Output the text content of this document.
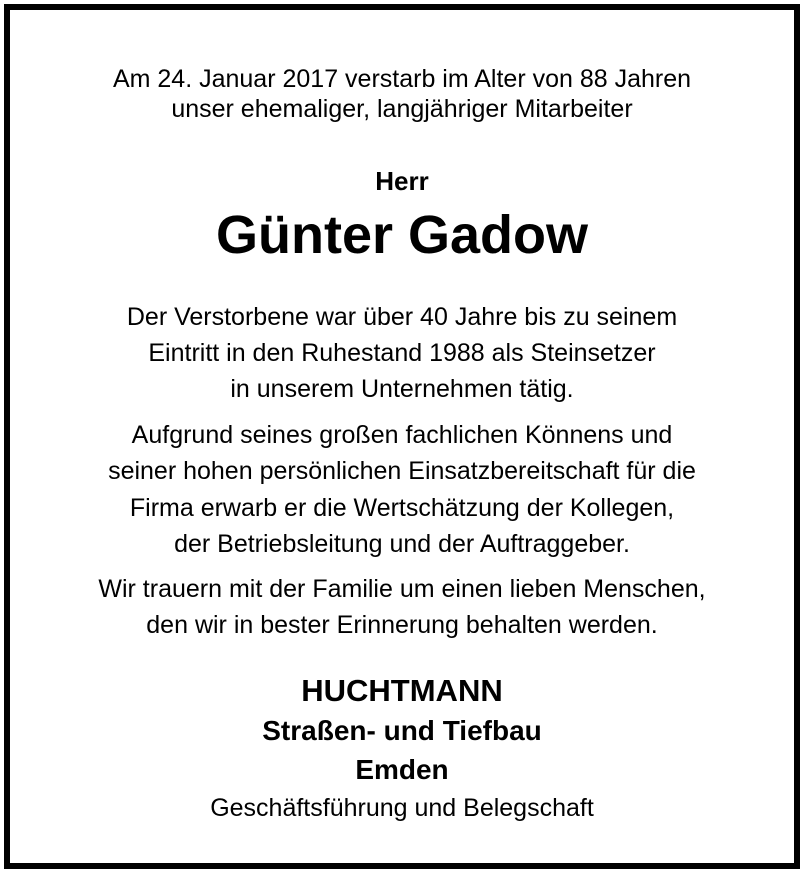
Am 24. Januar 2017 verstarb im Alter von 88 Jahren
unser ehemaliger, langjähriger Mitarbeiter
Herr
Günter Gadow
Der Verstorbene war über 40 Jahre bis zu seinem
Eintritt in den Ruhestand 1988 als Steinsetzer
in unserem Unternehmen tätig.
Aufgrund seines großen fachlichen Könnens und
seiner hohen persönlichen Einsatzbereitschaft für die
Firma erwarb er die Wertschätzung der Kollegen,
der Betriebsleitung und der Auftraggeber.
Wir trauern mit der Familie um einen lieben Menschen,
den wir in bester Erinnerung behalten werden.
HUCHTMANN
Straßen- und Tiefbau
Emden
Geschäftsführung und Belegschaft
